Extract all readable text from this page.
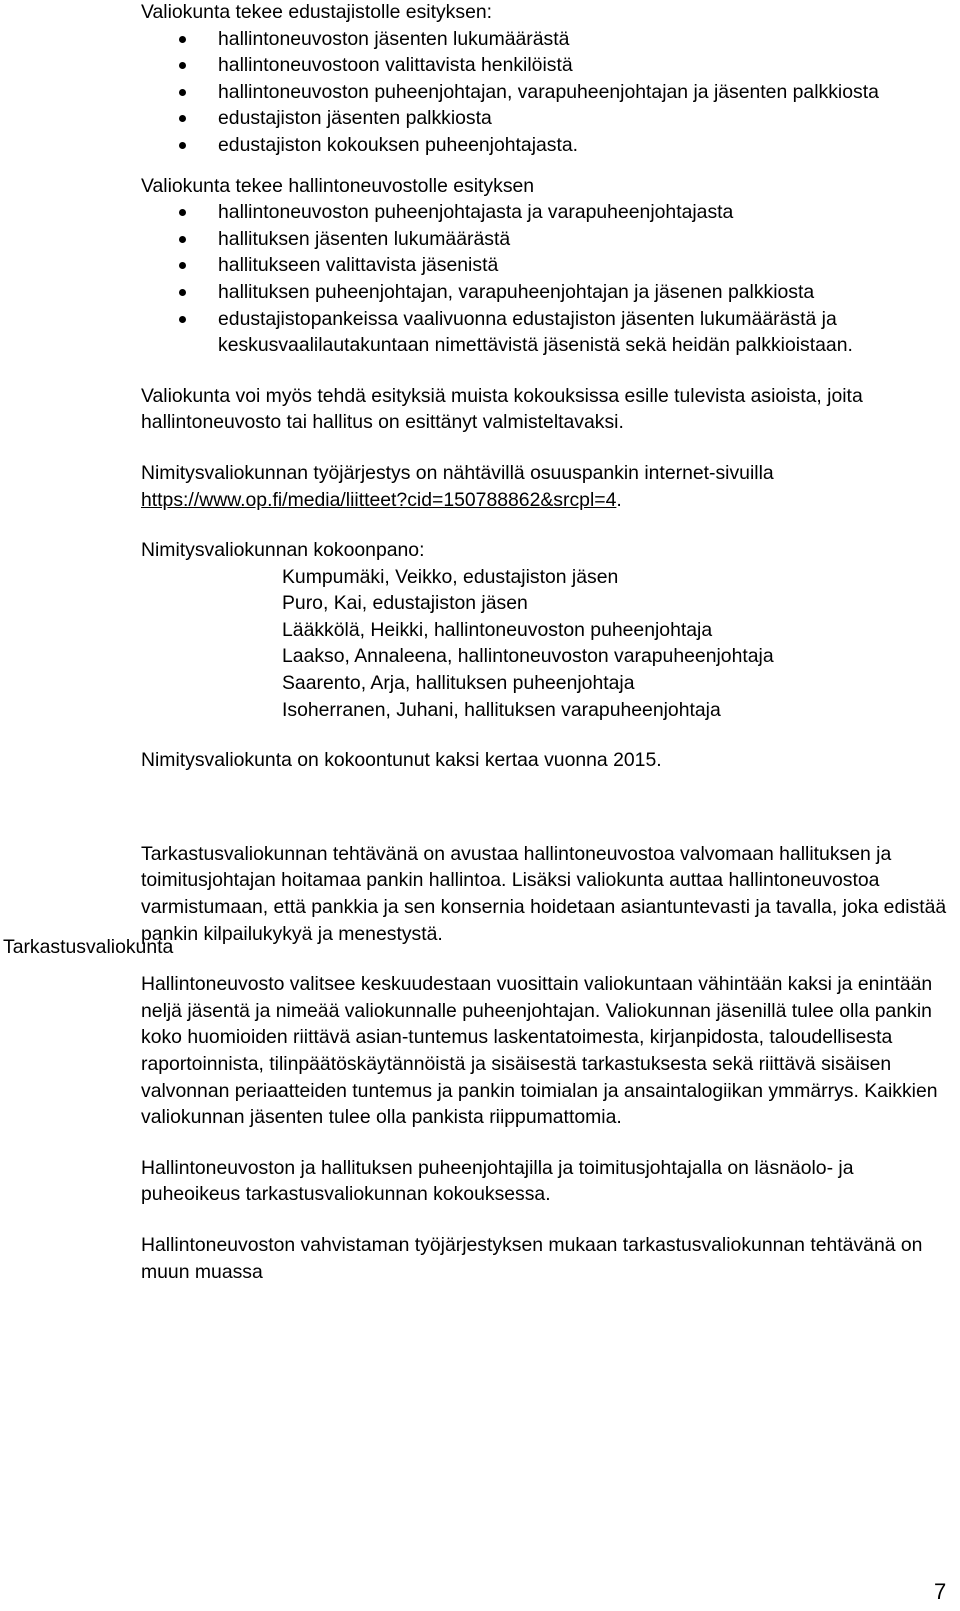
Valiokunta tekee edustajistolle esityksen:

hallintoneuvoston jäsenten lukumäärästä
hallintoneuvostoon valittavista henkilöistä
hallintoneuvoston puheenjohtajan, varapuheenjohtajan ja jäsenten palkkiosta
edustajiston jäsenten palkkiosta
edustajiston kokouksen puheenjohtajasta.

Valiokunta tekee hallintoneuvostolle esityksen

hallintoneuvoston puheenjohtajasta ja varapuheenjohtajasta
hallituksen jäsenten lukumäärästä
hallitukseen valittavista jäsenistä
hallituksen puheenjohtajan, varapuheenjohtajan ja jäsenen palkkiosta
edustajistopankeissa vaalivuonna edustajiston jäsenten lukumäärästä ja keskusvaalilautakuntaan nimettävistä jäsenistä sekä heidän palkkioistaan.

Valiokunta voi myös tehdä esityksiä muista kokouksissa esille tulevista asioista, joita hallintoneuvosto tai hallitus on esittänyt valmisteltavaksi.

Nimitysvaliokunnan työjärjestys on nähtävillä osuuspankin internet-sivuilla https://www.op.fi/media/liitteet?cid=150788862&srcpl=4.

Nimitysvaliokunnan kokoonpano:

Kumpumäki, Veikko, edustajiston jäsen
Puro, Kai, edustajiston jäsen
Lääkkölä, Heikki, hallintoneuvoston puheenjohtaja
Laakso, Annaleena, hallintoneuvoston varapuheenjohtaja
Saarento, Arja, hallituksen puheenjohtaja
Isoherranen, Juhani, hallituksen varapuheenjohtaja

Nimitysvaliokunta on kokoontunut kaksi kertaa vuonna 2015.

Tarkastusvaliokunnan tehtävänä on avustaa hallintoneuvostoa valvomaan hallituksen ja toimitusjohtajan hoitamaa pankin hallintoa. Lisäksi valiokunta auttaa hallintoneuvostoa varmistumaan, että pankkia ja sen konsernia hoidetaan asiantuntevasti ja tavalla, joka edistää pankin kilpailukykyä ja menestystä.

Hallintoneuvosto valitsee keskuudestaan vuosittain valiokuntaan vähintään kaksi ja enintään neljä jäsentä ja nimeää valiokunnalle puheenjohtajan. Valiokunnan jäsenillä tulee olla pankin koko huomioiden riittävä asian-tuntemus laskentatoimesta, kirjanpidosta, taloudellisesta raportoinnista, tilinpäätöskäytännöistä ja sisäisestä tarkastuksesta sekä riittävä sisäisen valvonnan periaatteiden tuntemus ja pankin toimialan ja ansaintalogiikan ymmärrys. Kaikkien valiokunnan jäsenten tulee olla pankista riippumattomia.

Hallintoneuvoston ja hallituksen puheenjohtajilla ja toimitusjohtajalla on läsnäolo- ja puheoikeus tarkastusvaliokunnan kokouksessa.

Hallintoneuvoston vahvistaman työjärjestyksen mukaan tarkastusvaliokunnan tehtävänä on muun muassa

Tarkastusvaliokunta
7
